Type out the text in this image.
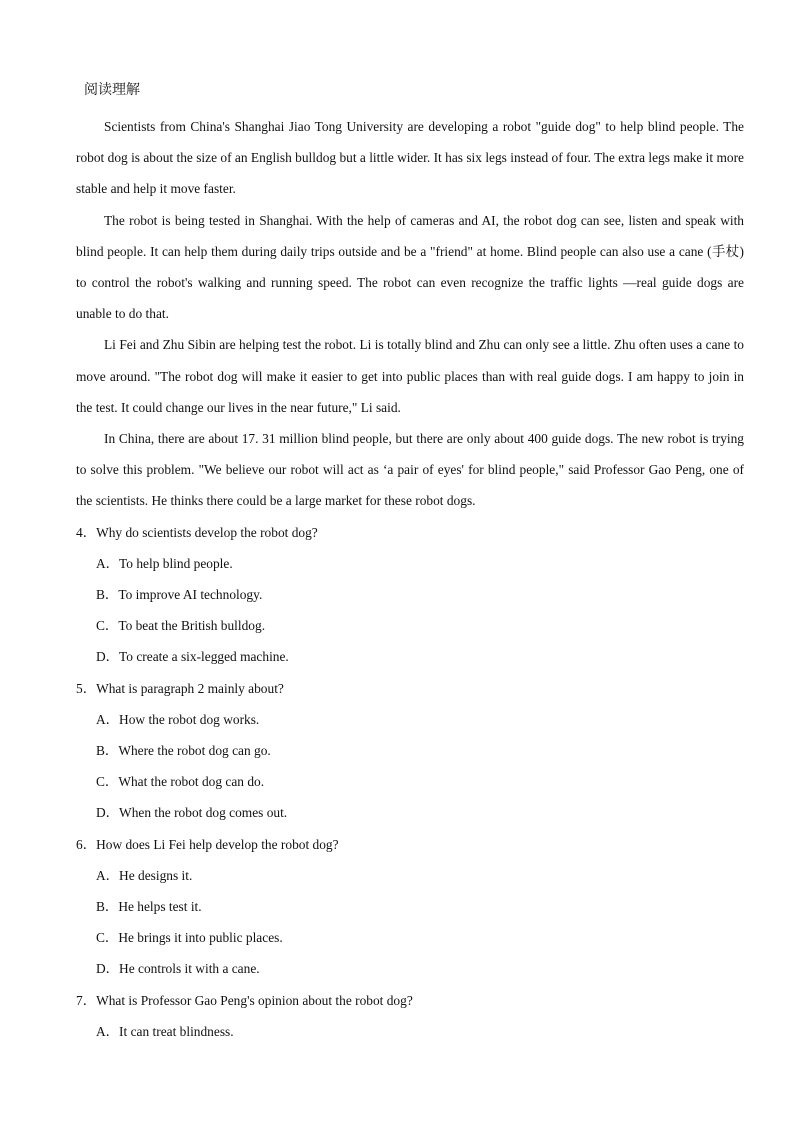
阅读理解

Scientists from China's Shanghai Jiao Tong University are developing a robot "guide dog" to help blind people. The robot dog is about the size of an English bulldog but a little wider. It has six legs instead of four. The extra legs make it more stable and help it move faster.

The robot is being tested in Shanghai. With the help of cameras and AI, the robot dog can see, listen and speak with blind people. It can help them during daily trips outside and be a "friend" at home. Blind people can also use a cane (手杖) to control the robot's walking and running speed. The robot can even recognize the traffic lights —real guide dogs are unable to do that.

Li Fei and Zhu Sibin are helping test the robot. Li is totally blind and Zhu can only see a little. Zhu often uses a cane to move around. "The robot dog will make it easier to get into public places than with real guide dogs. I am happy to join in the test. It could change our lives in the near future," Li said.

In China, there are about 17. 31 million blind people, but there are only about 400 guide dogs. The new robot is trying to solve this problem. "We believe our robot will act as ‘a pair of eyes' for blind people," said Professor Gao Peng, one of the scientists. He thinks there could be a large market for these robot dogs.

4．Why do scientists develop the robot dog?

A．To help blind people.

B．To improve AI technology.

C．To beat the British bulldog.

D．To create a six-legged machine.

5．What is paragraph 2 mainly about?

A．How the robot dog works.

B．Where the robot dog can go.

C．What the robot dog can do.

D．When the robot dog comes out.

6．How does Li Fei help develop the robot dog?

A．He designs it.

B．He helps test it.

C．He brings it into public places.

D．He controls it with a cane.

7．What is Professor Gao Peng's opinion about the robot dog?

A．It can treat blindness.
